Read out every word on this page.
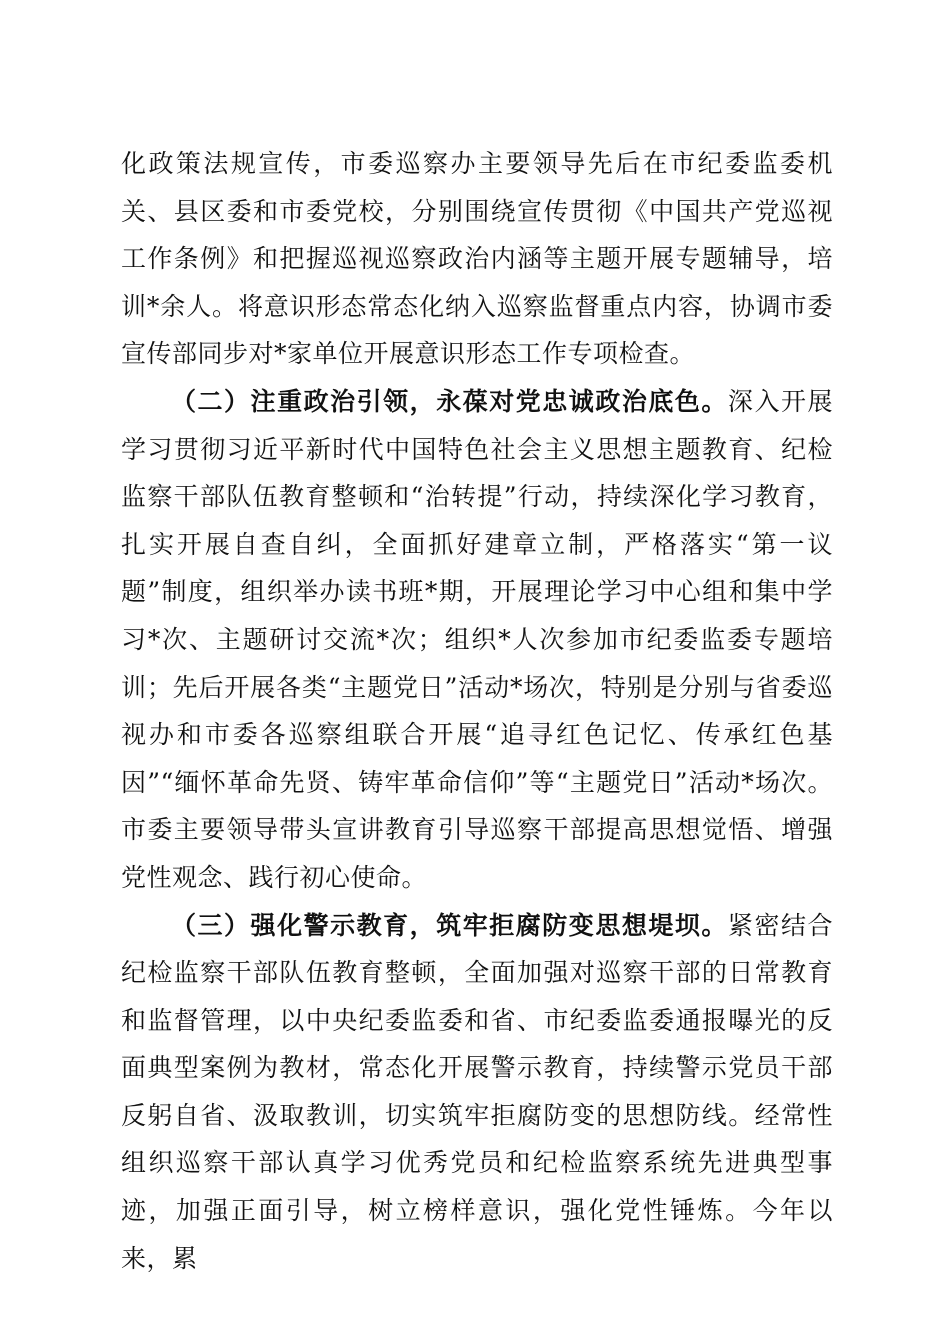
化政策法规宣传，市委巡察办主要领导先后在市纪委监委机关、县区委和市委党校，分别围绕宣传贯彻《中国共产党巡视工作条例》和把握巡视巡察政治内涵等主题开展专题辅导，培训*余人。将意识形态常态化纳入巡察监督重点内容，协调市委宣传部同步对*家单位开展意识形态工作专项检查。

（二）注重政治引领，永葆对党忠诚政治底色。深入开展学习贯彻习近平新时代中国特色社会主义思想主题教育、纪检监察干部队伍教育整顿和“治转提”行动，持续深化学习教育，扎实开展自查自纠，全面抓好建章立制，严格落实“第一议题”制度，组织举办读书班*期，开展理论学习中心组和集中学习*次、主题研讨交流*次；组织*人次参加市纪委监委专题培训；先后开展各类“主题党日”活动*场次，特别是分别与省委巡视办和市委各巡察组联合开展“追寻红色记忆、传承红色基因”“缅怀革命先贤、铸牢革命信仰”等“主题党日”活动*场次。市委主要领导带头宣讲教育引导巡察干部提高思想觉悟、增强党性观念、践行初心使命。

（三）强化警示教育，筑牢拒腐防变思想堤坝。紧密结合纪检监察干部队伍教育整顿，全面加强对巡察干部的日常教育和监督管理，以中央纪委监委和省、市纪委监委通报曝光的反面典型案例为教材，常态化开展警示教育，持续警示党员干部反躬自省、汲取教训，切实筑牢拒腐防变的思想防线。经常性组织巡察干部认真学习优秀党员和纪检监察系统先进典型事迹，加强正面引导，树立榜样意识，强化党性锤炼。今年以来，累
